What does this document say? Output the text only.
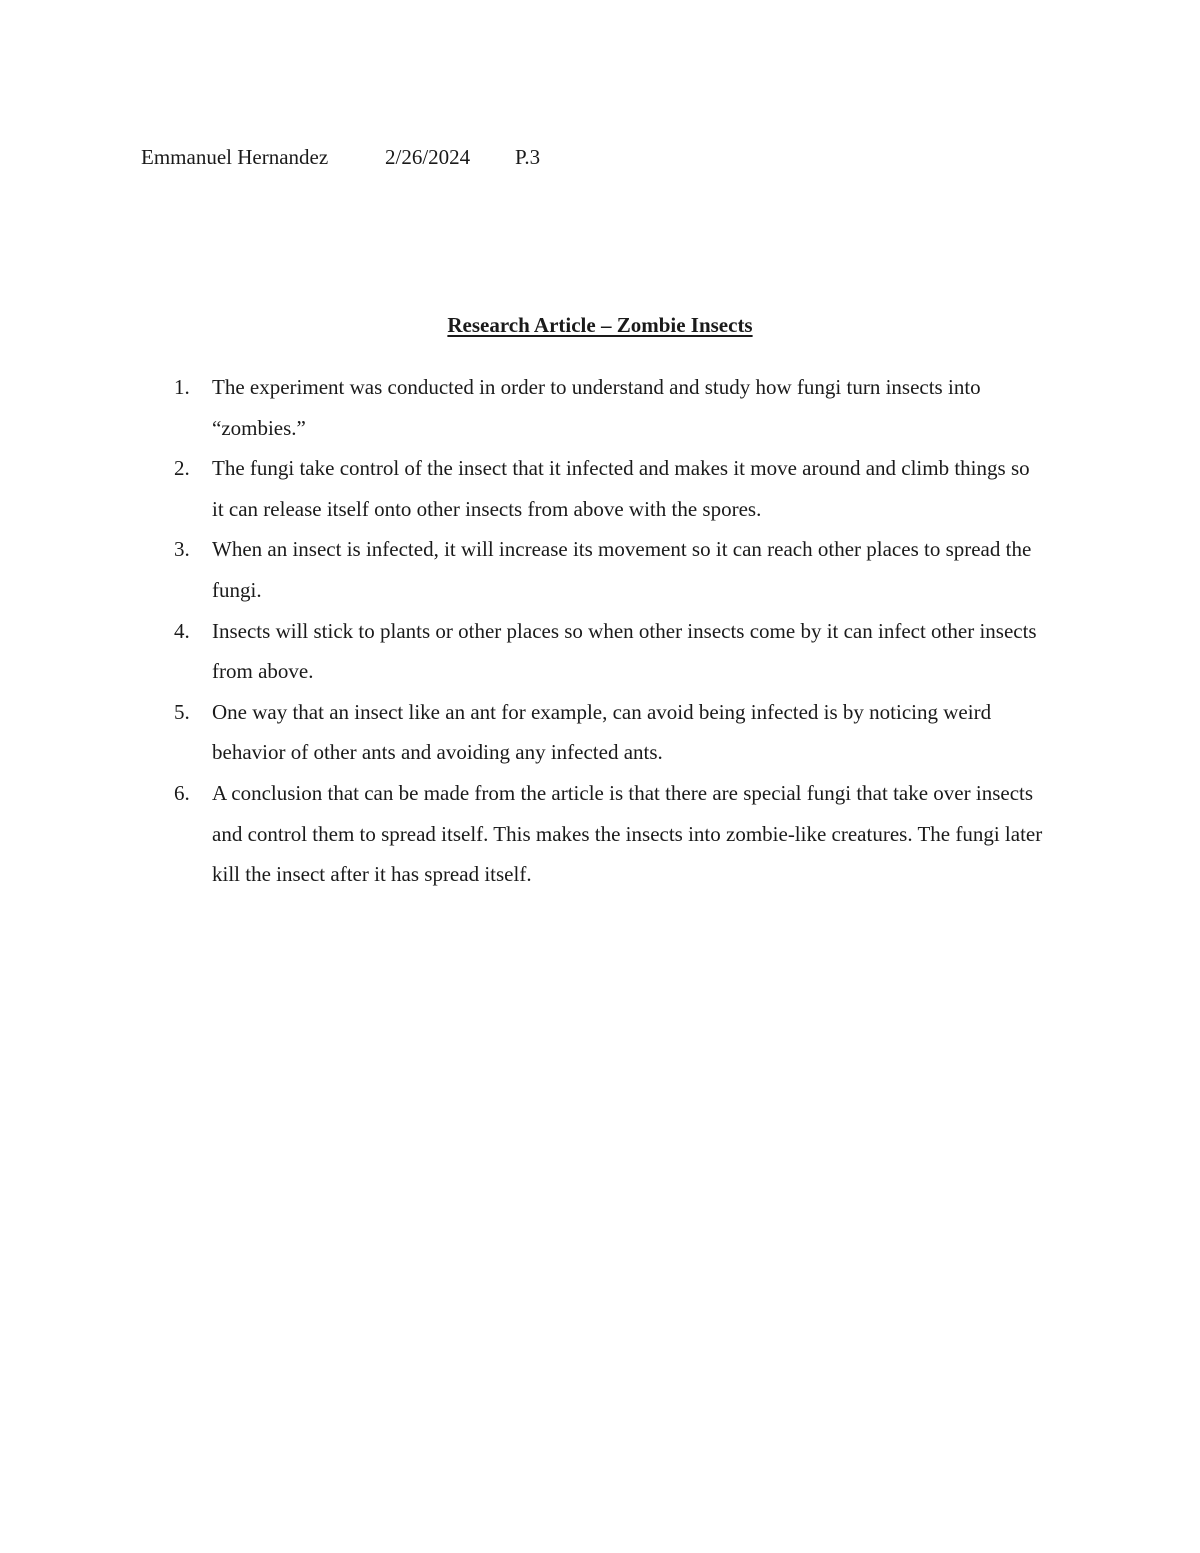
Emmanuel Hernandez	2/26/2024 P.3
Research Article – Zombie Insects
1. The experiment was conducted in order to understand and study how fungi turn insects into “zombies.”
2. The fungi take control of the insect that it infected and makes it move around and climb things so it can release itself onto other insects from above with the spores.
3. When an insect is infected, it will increase its movement so it can reach other places to spread the fungi.
4. Insects will stick to plants or other places so when other insects come by it can infect other insects from above.
5. One way that an insect like an ant for example, can avoid being infected is by noticing weird behavior of other ants and avoiding any infected ants.
6. A conclusion that can be made from the article is that there are special fungi that take over insects and control them to spread itself. This makes the insects into zombie-like creatures. The fungi later kill the insect after it has spread itself.
